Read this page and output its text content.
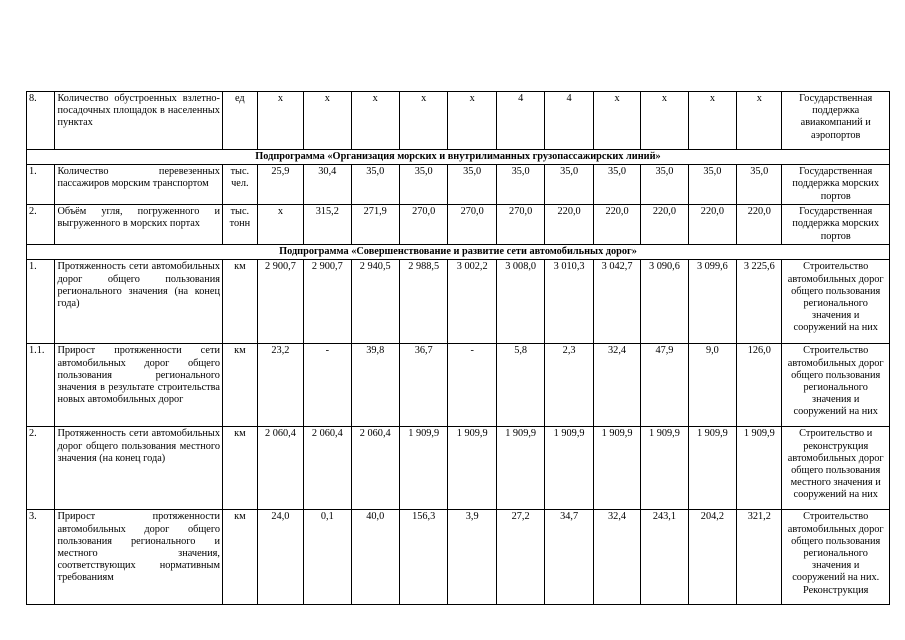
8.	Количество обустроенных взлетно-посадочных площадок в населенных пунктах	ед	х	х	х	х	х	4	4	х	х	х	х	Государственная поддержка авиакомпаний и аэропортов
Подпрограмма «Организация морских и внутрилиманных грузопассажирских линий»														
1.	Количество перевезенных пассажиров морским транспортом	тыс. чел.	25,9	30,4	35,0	35,0	35,0	35,0	35,0	35,0	35,0	35,0	35,0	Государственная поддержка морских портов
2.	Объём угля, погруженного и выгруженного в морских портах	тыс. тонн	х	315,2	271,9	270,0	270,0	270,0	220,0	220,0	220,0	220,0	220,0	Государственная поддержка морских портов
Подпрограмма «Совершенствование и развитие сети автомобильных дорог»														
1.	Протяженность сети автомобильных дорог общего пользования регионального значения (на конец года)	км	2 900,7	2 900,7	2 940,5	2 988,5	3 002,2	3 008,0	3 010,3	3 042,7	3 090,6	3 099,6	3 225,6	Строительство автомобильных дорог общего пользования регионального значения и сооружений на них
1.1.	Прирост протяженности сети автомобильных дорог общего пользования регионального значения в результате строительства новых автомобильных дорог	км	23,2	-	39,8	36,7	-	5,8	2,3	32,4	47,9	9,0	126,0	Строительство автомобильных дорог общего пользования регионального значения и сооружений на них
2.	Протяженность сети автомобильных дорог общего пользования местного значения (на конец года)	км	2 060,4	2 060,4	2 060,4	1 909,9	1 909,9	1 909,9	1 909,9	1 909,9	1 909,9	1 909,9	1 909,9	Строительство и реконструкция автомобильных дорог общего пользования местного значения и сооружений на них
3.	Прирост протяженности автомобильных дорог общего пользования регионального и местного значения, соответствующих нормативным требованиям	км	24,0	0,1	40,0	156,3	3,9	27,2	34,7	32,4	243,1	204,2	321,2	Строительство автомобильных дорог общего пользования регионального значения и сооружений на них. Реконструкция
